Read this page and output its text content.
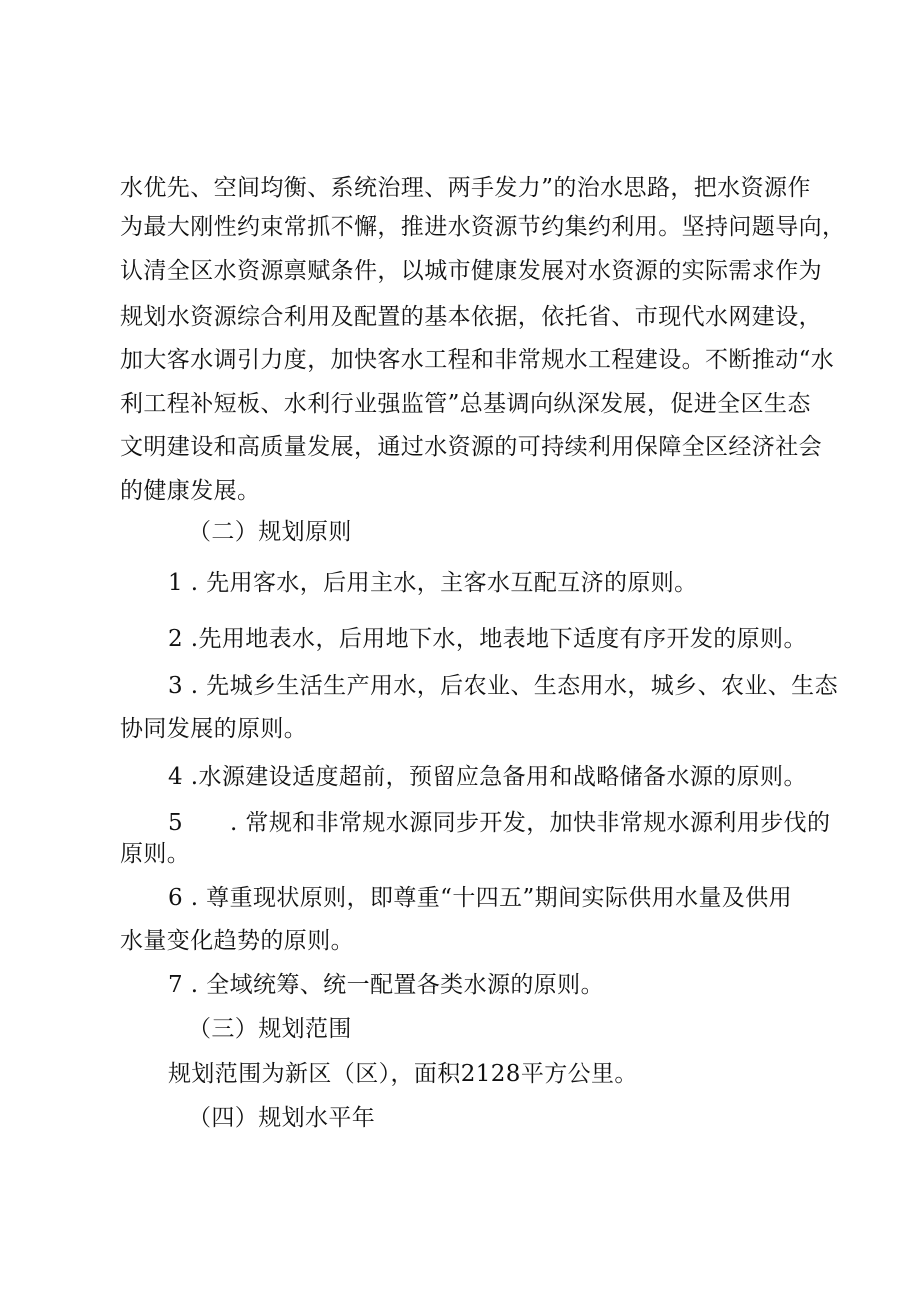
水优先、空间均衡、系统治理、两手发力”的治水思路，把水资源作
为最大刚性约束常抓不懈，推进水资源节约集约利用。坚持问题导向，
认清全区水资源禀赋条件，以城市健康发展对水资源的实际需求作为
规划水资源综合利用及配置的基本依据，依托省、市现代水网建设，
加大客水调引力度，加快客水工程和非常规水工程建设。不断推动“水
利工程补短板、水利行业强监管”总基调向纵深发展，促进全区生态
文明建设和高质量发展，通过水资源的可持续利用保障全区经济社会
的健康发展。
（二）规划原则
1 . 先用客水，后用主水，主客水互配互济的原则。
2 .先用地表水，后用地下水，地表地下适度有序开发的原则。
3 . 先城乡生活生产用水，后农业、生态用水，城乡、农业、生态
协同发展的原则。
4 .水源建设适度超前，预留应急备用和战略储备水源的原则。
5 . 常规和非常规水源同步开发，加快非常规水源利用步伐的
原则。
6 . 尊重现状原则，即尊重“十四五”期间实际供用水量及供用
水量变化趋势的原则。
7 . 全域统筹、统一配置各类水源的原则。
（三）规划范围
规划范围为新区（区），面积2128平方公里。
（四）规划水平年
